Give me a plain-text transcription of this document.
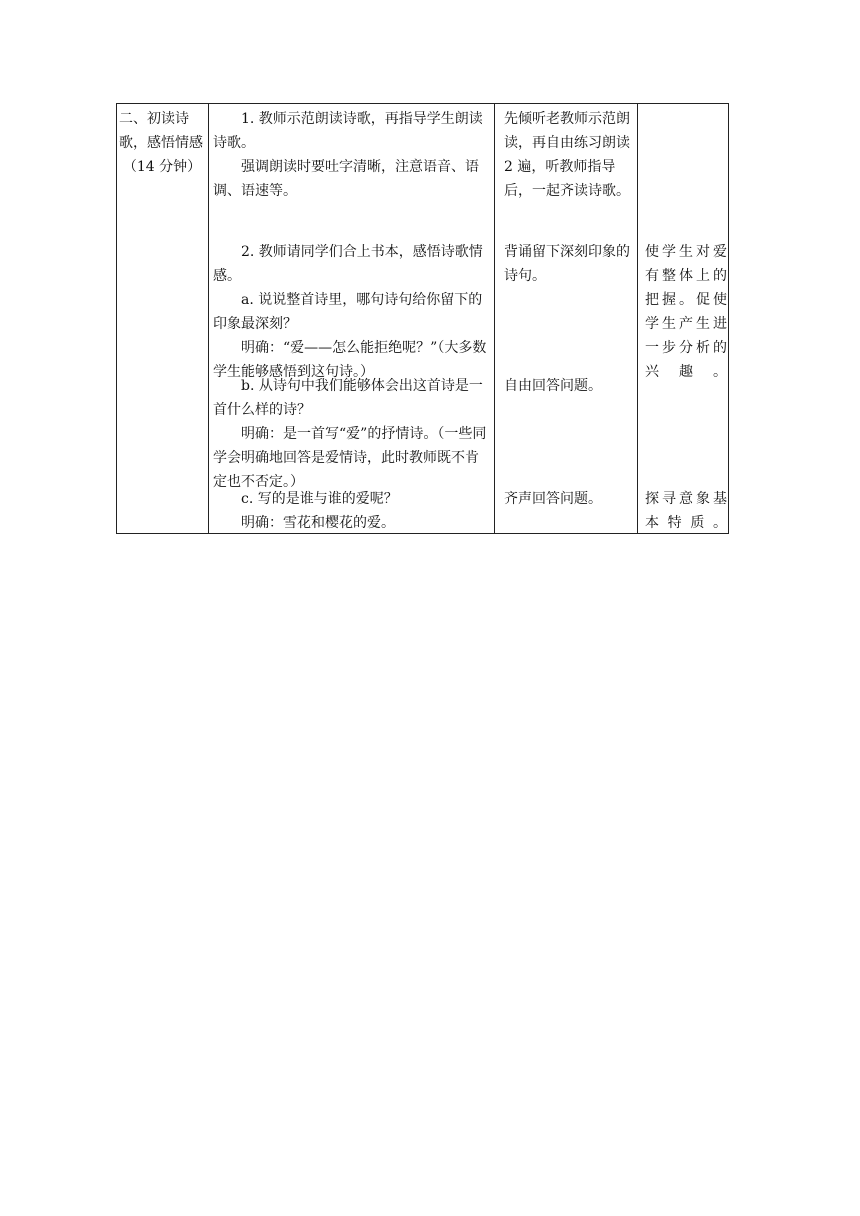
二、初读诗歌，感悟情感

（14 分钟）

1. 教师示范朗读诗歌，再指导学生朗读诗歌。

强调朗读时要吐字清晰，注意语音、语调、语速等。

先倾听老教师示范朗读，再自由练习朗读 2 遍，听教师指导后，一起齐读诗歌。

2. 教师请同学们合上书本，感悟诗歌情感。

a. 说说整首诗里，哪句诗句给你留下的印象最深刻？

明确：“爱——怎么能拒绝呢？”（大多数学生能够感悟到这句诗。）

背诵留下深刻印象的诗句。

使学生对爱有整体上的把握。促使学生产生进一步分析的兴趣。

b. 从诗句中我们能够体会出这首诗是一首什么样的诗？

明确：是一首写“爱”的抒情诗。（一些同学会明确地回答是爱情诗，此时教师既不肯定也不否定。）

自由回答问题。

c. 写的是谁与谁的爱呢？

明确：雪花和樱花的爱。

齐声回答问题。	探寻意象基本特质。
